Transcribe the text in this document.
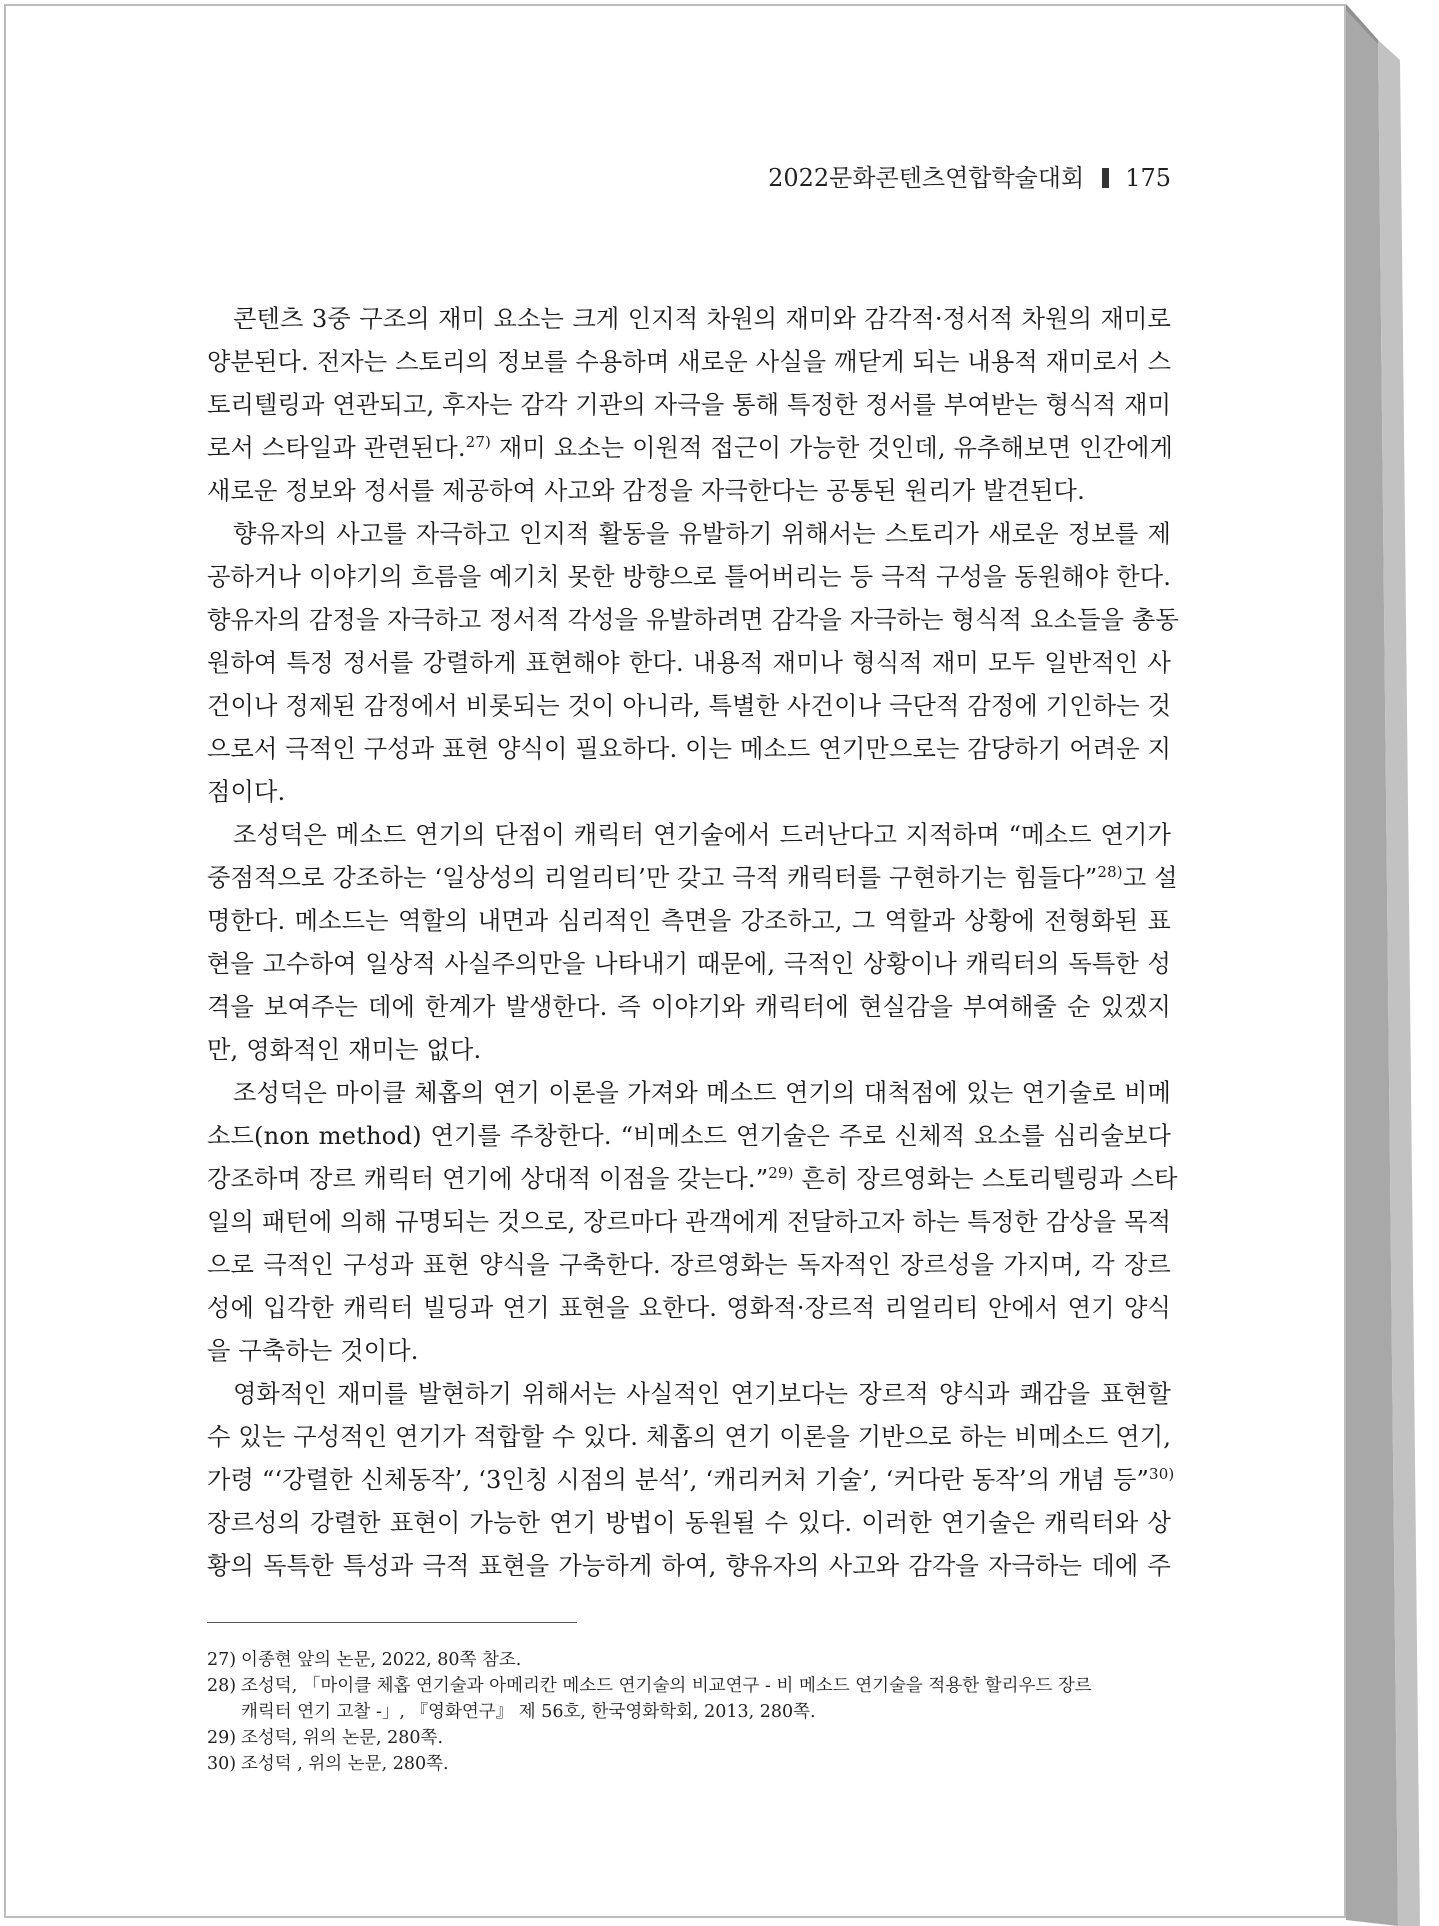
2022문화콘텐츠연합학술대회 175
콘텐츠 3중 구조의 재미 요소는 크게 인지적 차원의 재미와 감각적·정서적 차원의 재미로
양분된다. 전자는 스토리의 정보를 수용하며 새로운 사실을 깨닫게 되는 내용적 재미로서 스
토리텔링과 연관되고, 후자는 감각 기관의 자극을 통해 특정한 정서를 부여받는 형식적 재미
로서 스타일과 관련된다.$^{27)}$ 재미 요소는 이원적 접근이 가능한 것인데, 유추해보면 인간에게
새로운 정보와 정서를 제공하여 사고와 감정을 자극한다는 공통된 원리가 발견된다.
향유자의 사고를 자극하고 인지적 활동을 유발하기 위해서는 스토리가 새로운 정보를 제
공하거나 이야기의 흐름을 예기치 못한 방향으로 틀어버리는 등 극적 구성을 동원해야 한다.
향유자의 감정을 자극하고 정서적 각성을 유발하려면 감각을 자극하는 형식적 요소들을 총동
원하여 특정 정서를 강렬하게 표현해야 한다. 내용적 재미나 형식적 재미 모두 일반적인 사
건이나 정제된 감정에서 비롯되는 것이 아니라, 특별한 사건이나 극단적 감정에 기인하는 것
으로서 극적인 구성과 표현 양식이 필요하다. 이는 메소드 연기만으로는 감당하기 어려운 지
점이다.
조성덕은 메소드 연기의 단점이 캐릭터 연기술에서 드러난다고 지적하며 “메소드 연기가
중점적으로 강조하는 ‘일상성의 리얼리티’만 갖고 극적 캐릭터를 구현하기는 힘들다”$^{28)}$고 설
명한다. 메소드는 역할의 내면과 심리적인 측면을 강조하고, 그 역할과 상황에 전형화된 표
현을 고수하여 일상적 사실주의만을 나타내기 때문에, 극적인 상황이나 캐릭터의 독특한 성
격을 보여주는 데에 한계가 발생한다. 즉 이야기와 캐릭터에 현실감을 부여해줄 순 있겠지
만, 영화적인 재미는 없다.
조성덕은 마이클 체홉의 연기 이론을 가져와 메소드 연기의 대척점에 있는 연기술로 비메
소드(non method) 연기를 주창한다. “비메소드 연기술은 주로 신체적 요소를 심리술보다
강조하며 장르 캐릭터 연기에 상대적 이점을 갖는다.”$^{29)}$ 흔히 장르영화는 스토리텔링과 스타
일의 패턴에 의해 규명되는 것으로, 장르마다 관객에게 전달하고자 하는 특정한 감상을 목적
으로 극적인 구성과 표현 양식을 구축한다. 장르영화는 독자적인 장르성을 가지며, 각 장르
성에 입각한 캐릭터 빌딩과 연기 표현을 요한다. 영화적·장르적 리얼리티 안에서 연기 양식
을 구축하는 것이다.
영화적인 재미를 발현하기 위해서는 사실적인 연기보다는 장르적 양식과 쾌감을 표현할
수 있는 구성적인 연기가 적합할 수 있다. 체홉의 연기 이론을 기반으로 하는 비메소드 연기,
가령 “‘강렬한 신체동작’, ‘3인칭 시점의 분석’, ‘캐리커처 기술’, ‘커다란 동작’의 개념 등”$^{30)}$
장르성의 강렬한 표현이 가능한 연기 방법이 동원될 수 있다. 이러한 연기술은 캐릭터와 상
황의 독특한 특성과 극적 표현을 가능하게 하여, 향유자의 사고와 감각을 자극하는 데에 주
27) 이종현 앞의 논문, 2022, 80쪽 참조.
28) 조성덕, 「마이클 체홉 연기술과 아메리칸 메소드 연기술의 비교연구 - 비 메소드 연기술을 적용한 할리우드 장르
캐릭터 연기 고찰 -」, 『영화연구』 제 56호, 한국영화학회, 2013, 280쪽.
29) 조성덕, 위의 논문, 280쪽.
30) 조성덕 , 위의 논문, 280쪽.
